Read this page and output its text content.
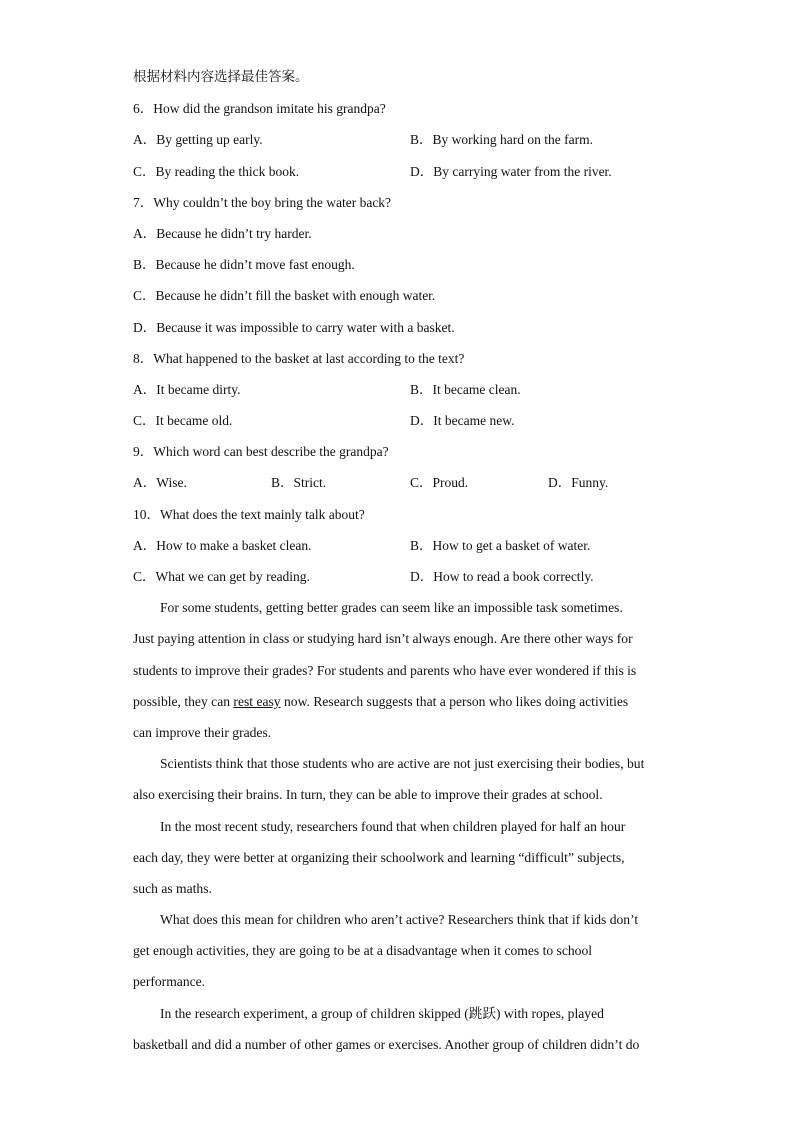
根据材料内容选择最佳答案。
6．How did the grandson imitate his grandpa?
A．By getting up early.	B．By working hard on the farm.
C．By reading the thick book.	D．By carrying water from the river.
7．Why couldn’t the boy bring the water back?
A．Because he didn’t try harder.
B．Because he didn’t move fast enough.
C．Because he didn’t fill the basket with enough water.
D．Because it was impossible to carry water with a basket.
8．What happened to the basket at last according to the text?
A．It became dirty.	B．It became clean.
C．It became old.	D．It became new.
9．Which word can best describe the grandpa?
A．Wise.	B．Strict.	C．Proud.	D．Funny.
10．What does the text mainly talk about?
A．How to make a basket clean.	B．How to get a basket of water.
C．What we can get by reading.	D．How to read a book correctly.
For some students, getting better grades can seem like an impossible task sometimes.
Just paying attention in class or studying hard isn’t always enough. Are there other ways for
students to improve their grades? For students and parents who have ever wondered if this is
possible, they can rest easy now. Research suggests that a person who likes doing activities
can improve their grades.
Scientists think that those students who are active are not just exercising their bodies, but
also exercising their brains. In turn, they can be able to improve their grades at school.
In the most recent study, researchers found that when children played for half an hour
each day, they were better at organizing their schoolwork and learning “difficult” subjects,
such as maths.
What does this mean for children who aren’t active? Researchers think that if kids don’t
get enough activities, they are going to be at a disadvantage when it comes to school
performance.
In the research experiment, a group of children skipped (跳跃) with ropes, played
basketball and did a number of other games or exercises. Another group of children didn’t do
